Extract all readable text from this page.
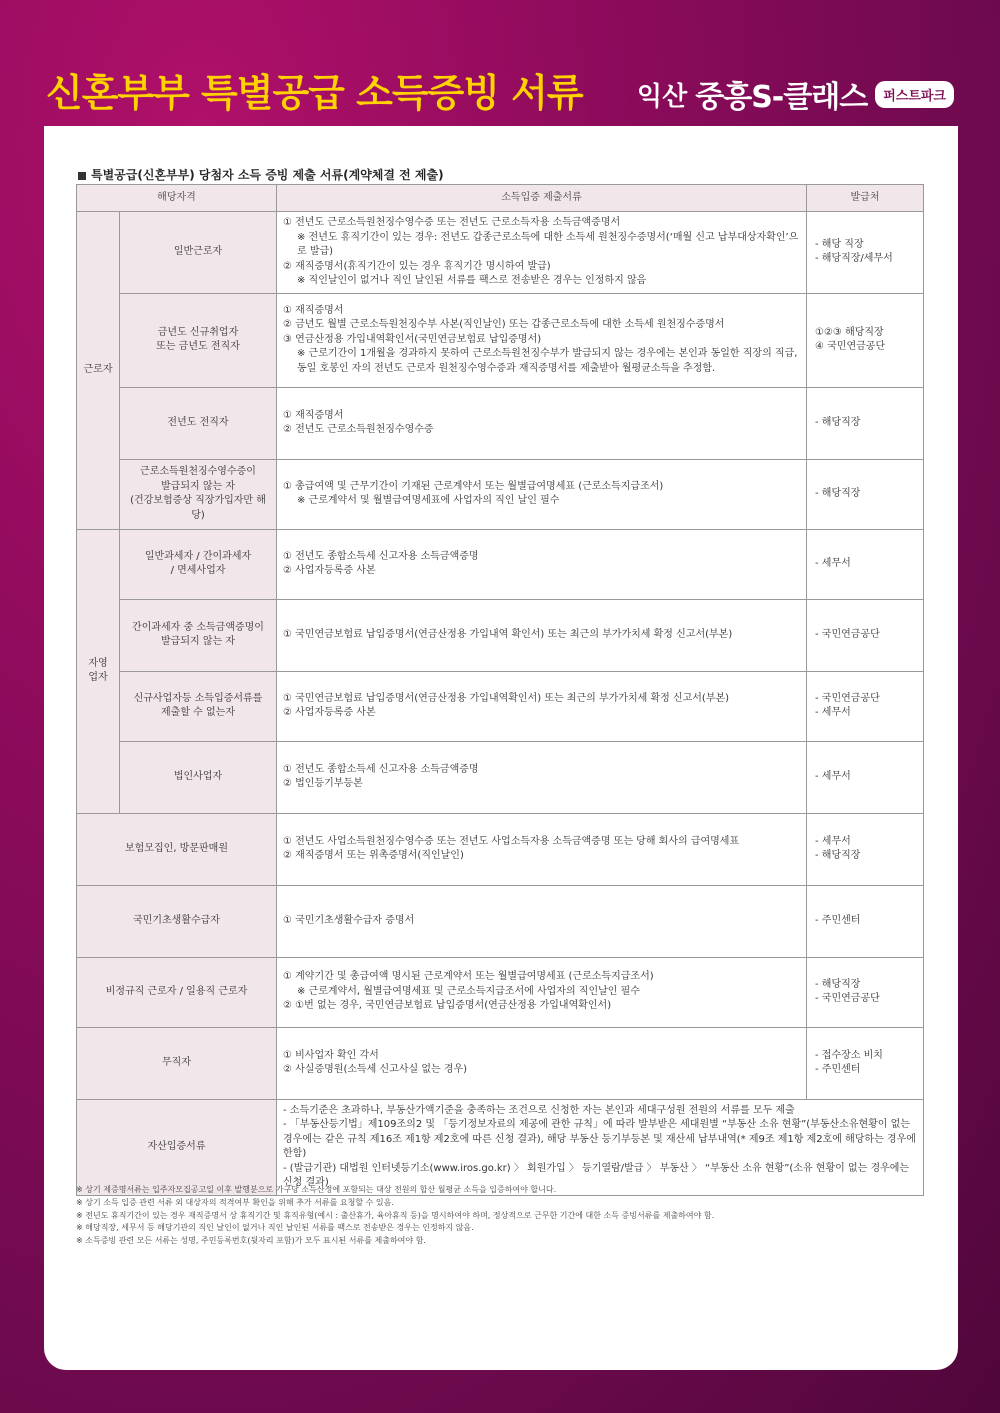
신혼부부 특별공급 소득증빙 서류 익산 중흥S-클래스	퍼스트파크
특별공급(신혼부부) 당첨자 소득 증빙 제출 서류(계약체결 전 제출)
해당자격		소득입증 제출서류	발급처

근로자	일반근로자	① 전년도 근로소득원천징수영수증 또는 전년도 근로소득자용 소득금액증명서
※ 전년도 휴직기간이 있는 경우: 전년도 갑종근로소득에 대한 소득세 원천징수증명서(‘매월 신고 납부대상자확인’으로 발급)
② 재직증명서(휴직기간이 있는 경우 휴직기간 명시하여 발급)
※ 직인날인이 없거나 직인 날인된 서류를 팩스로 전송받은 경우는 인정하지 않음	- 해당 직장
- 해당직장/세무서

	금년도 신규취업자
또는 금년도 전직자	① 재직증명서
② 금년도 월별 근로소득원천징수부 사본(직인날인) 또는 갑종근로소득에 대한 소득세 원천징수증명서
③ 연금산정용 가입내역확인서(국민연금보험료 납입증명서)
※ 근로기간이 1개월을 경과하지 못하여 근로소득원천징수부가 발급되지 않는 경우에는 본인과 동일한 직장의 직급, 동일 호봉인 자의 전년도 근로자 원천징수영수증과 재직증명서를 제출받아 월평균소득을 추정함.	①②③ 해당직장
④ 국민연금공단

	전년도 전직자	① 재직증명서
② 전년도 근로소득원천징수영수증	- 해당직장

	근로소득원천징수영수증이
발급되지 않는 자
(건강보험증상 직장가입자만 해당)	① 총급여액 및 근무기간이 기재된 근로계약서 또는 월별급여명세표 (근로소득지급조서)
※ 근로계약서 및 월별급여명세표에 사업자의 직인 날인 필수	- 해당직장

자영
업자	일반과세자 / 간이과세자
/ 면세사업자	① 전년도 종합소득세 신고자용 소득금액증명
② 사업자등록증 사본	- 세무서

	간이과세자 중 소득금액증명이
발급되지 않는 자	① 국민연금보험료 납입증명서(연금산정용 가입내역 확인서) 또는 최근의 부가가치세 확정 신고서(부본)	- 국민연금공단

	신규사업자등 소득입증서류를
제출할 수 없는자	① 국민연금보험료 납입증명서(연금산정용 가입내역확인서) 또는 최근의 부가가치세 확정 신고서(부본)
② 사업자등록증 사본	- 국민연금공단
- 세무서

	법인사업자	① 전년도 종합소득세 신고자용 소득금액증명
② 법인등기부등본	- 세무서

보험모집인, 방문판매원		① 전년도 사업소득원천징수영수증 또는 전년도 사업소득자용 소득금액증명 또는 당해 회사의 급여명세표
② 재직증명서 또는 위촉증명서(직인날인)	- 세무서
- 해당직장

국민기초생활수급자		① 국민기초생활수급자 증명서	- 주민센터

비정규직 근로자 / 일용직 근로자		① 계약기간 및 총급여액 명시된 근로계약서 또는 월별급여명세표 (근로소득지급조서)
※ 근로계약서, 월별급여명세표 및 근로소득지급조서에 사업자의 직인날인 필수
② ①번 없는 경우, 국민연금보험료 납입증명서(연금산정용 가입내역확인서)	- 해당직장
- 국민연금공단

무직자		① 비사업자 확인 각서
② 사실증명원(소득세 신고사실 없는 경우)	- 접수장소 비치
- 주민센터

자산입증서류		- 소득기준은 초과하나, 부동산가액기준을 충족하는 조건으로 신청한 자는 본인과 세대구성원 전원의 서류를 모두 제출
- 「부동산등기법」제109조의2 및 「등기정보자료의 제공에 관한 규칙」에 따라 발부받은 세대원별 “부동산 소유 현황”(부동산소유현황이 없는 경우에는 같은 규칙 제16조 제1항 제2호에 따른 신청 결과), 해당 부동산 등기부등본 및 재산세 납부내역(* 제9조 제1항 제2호에 해당하는 경우에 한함)
- (발급기관) 대법원 인터넷등기소(www.iros.go.kr) 〉 회원가입 〉 등기열람/발급 〉 부동산 〉 “부동산 소유 현황”(소유 현황이 없는 경우에는 신청 결과)	
※ 상기 제증명서류는 입주자모집공고일 이후 발행분으로 가구당 소득산정에 포함되는 대상 전원의 합산 월평균 소득을 입증하여야 합니다.
※ 상기 소득 입증 관련 서류 외 대상자의 적격여부 확인을 위해 추가 서류를 요청할 수 있음.
※ 전년도 휴직기간이 있는 경우 재직증명서 상 휴직기간 및 휴직유형(예시 : 출산휴가, 육아휴직 등)을 명시하여야 하며, 정상적으로 근무한 기간에 대한 소득 증빙서류를 제출하여야 함.
※ 해당직장, 세무서 등 해당기관의 직인 날인이 없거나 직인 날인된 서류를 팩스로 전송받은 경우는 인정하지 않음.
※ 소득증빙 관련 모든 서류는 성명, 주민등록번호(뒷자리 포함)가 모두 표시된 서류를 제출하여야 함.
